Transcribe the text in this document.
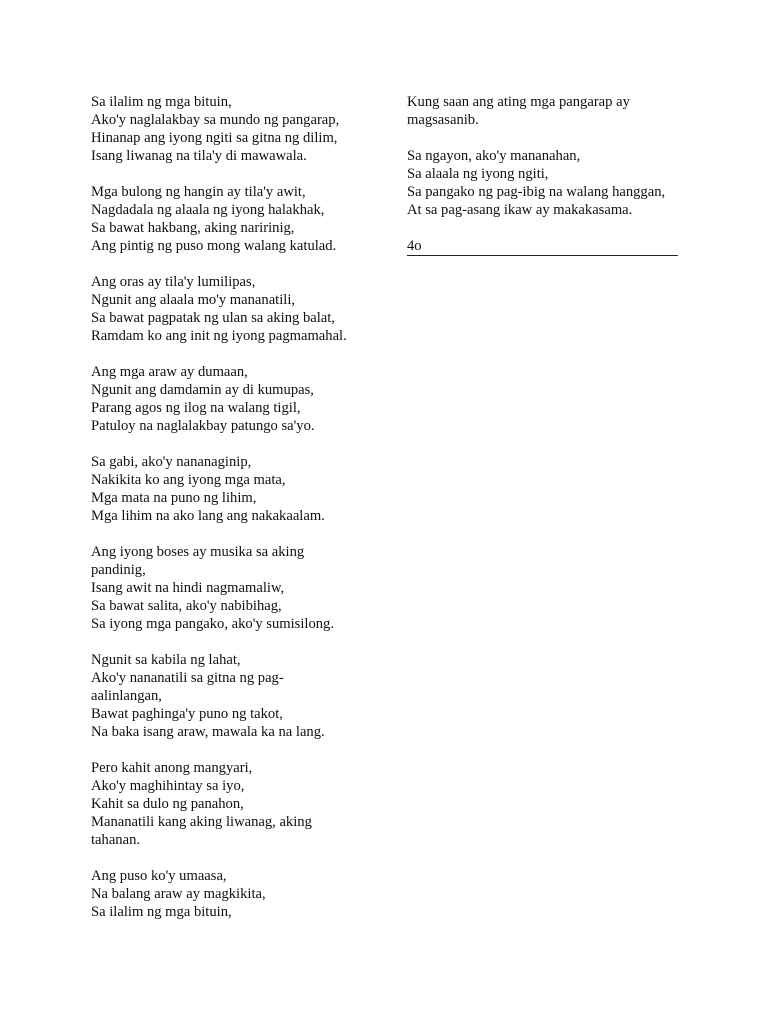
Sa ilalim ng mga bituin,
Ako'y naglalakbay sa mundo ng pangarap,
Hinanap ang iyong ngiti sa gitna ng dilim,
Isang liwanag na tila'y di mawawala.
Mga bulong ng hangin ay tila'y awit,
Nagdadala ng alaala ng iyong halakhak,
Sa bawat hakbang, aking naririnig,
Ang pintig ng puso mong walang katulad.
Ang oras ay tila'y lumilipas,
Ngunit ang alaala mo'y mananatili,
Sa bawat pagpatak ng ulan sa aking balat,
Ramdam ko ang init ng iyong pagmamahal.
Ang mga araw ay dumaan,
Ngunit ang damdamin ay di kumupas,
Parang agos ng ilog na walang tigil,
Patuloy na naglalakbay patungo sa'yo.
Sa gabi, ako'y nananaginip,
Nakikita ko ang iyong mga mata,
Mga mata na puno ng lihim,
Mga lihim na ako lang ang nakakaalam.
Ang iyong boses ay musika sa aking
pandinig,
Isang awit na hindi nagmamaliw,
Sa bawat salita, ako'y nabibihag,
Sa iyong mga pangako, ako'y sumisilong.
Ngunit sa kabila ng lahat,
Ako'y nananatili sa gitna ng pag-
aalinlangan,
Bawat paghinga'y puno ng takot,
Na baka isang araw, mawala ka na lang.
Pero kahit anong mangyari,
Ako'y maghihintay sa iyo,
Kahit sa dulo ng panahon,
Mananatili kang aking liwanag, aking
tahanan.
Ang puso ko'y umaasa,
Na balang araw ay magkikita,
Sa ilalim ng mga bituin,
Kung saan ang ating mga pangarap ay
magsasanib.
Sa ngayon, ako'y mananahan,
Sa alaala ng iyong ngiti,
Sa pangako ng pag-ibig na walang hanggan,
At sa pag-asang ikaw ay makakasama.
4o
